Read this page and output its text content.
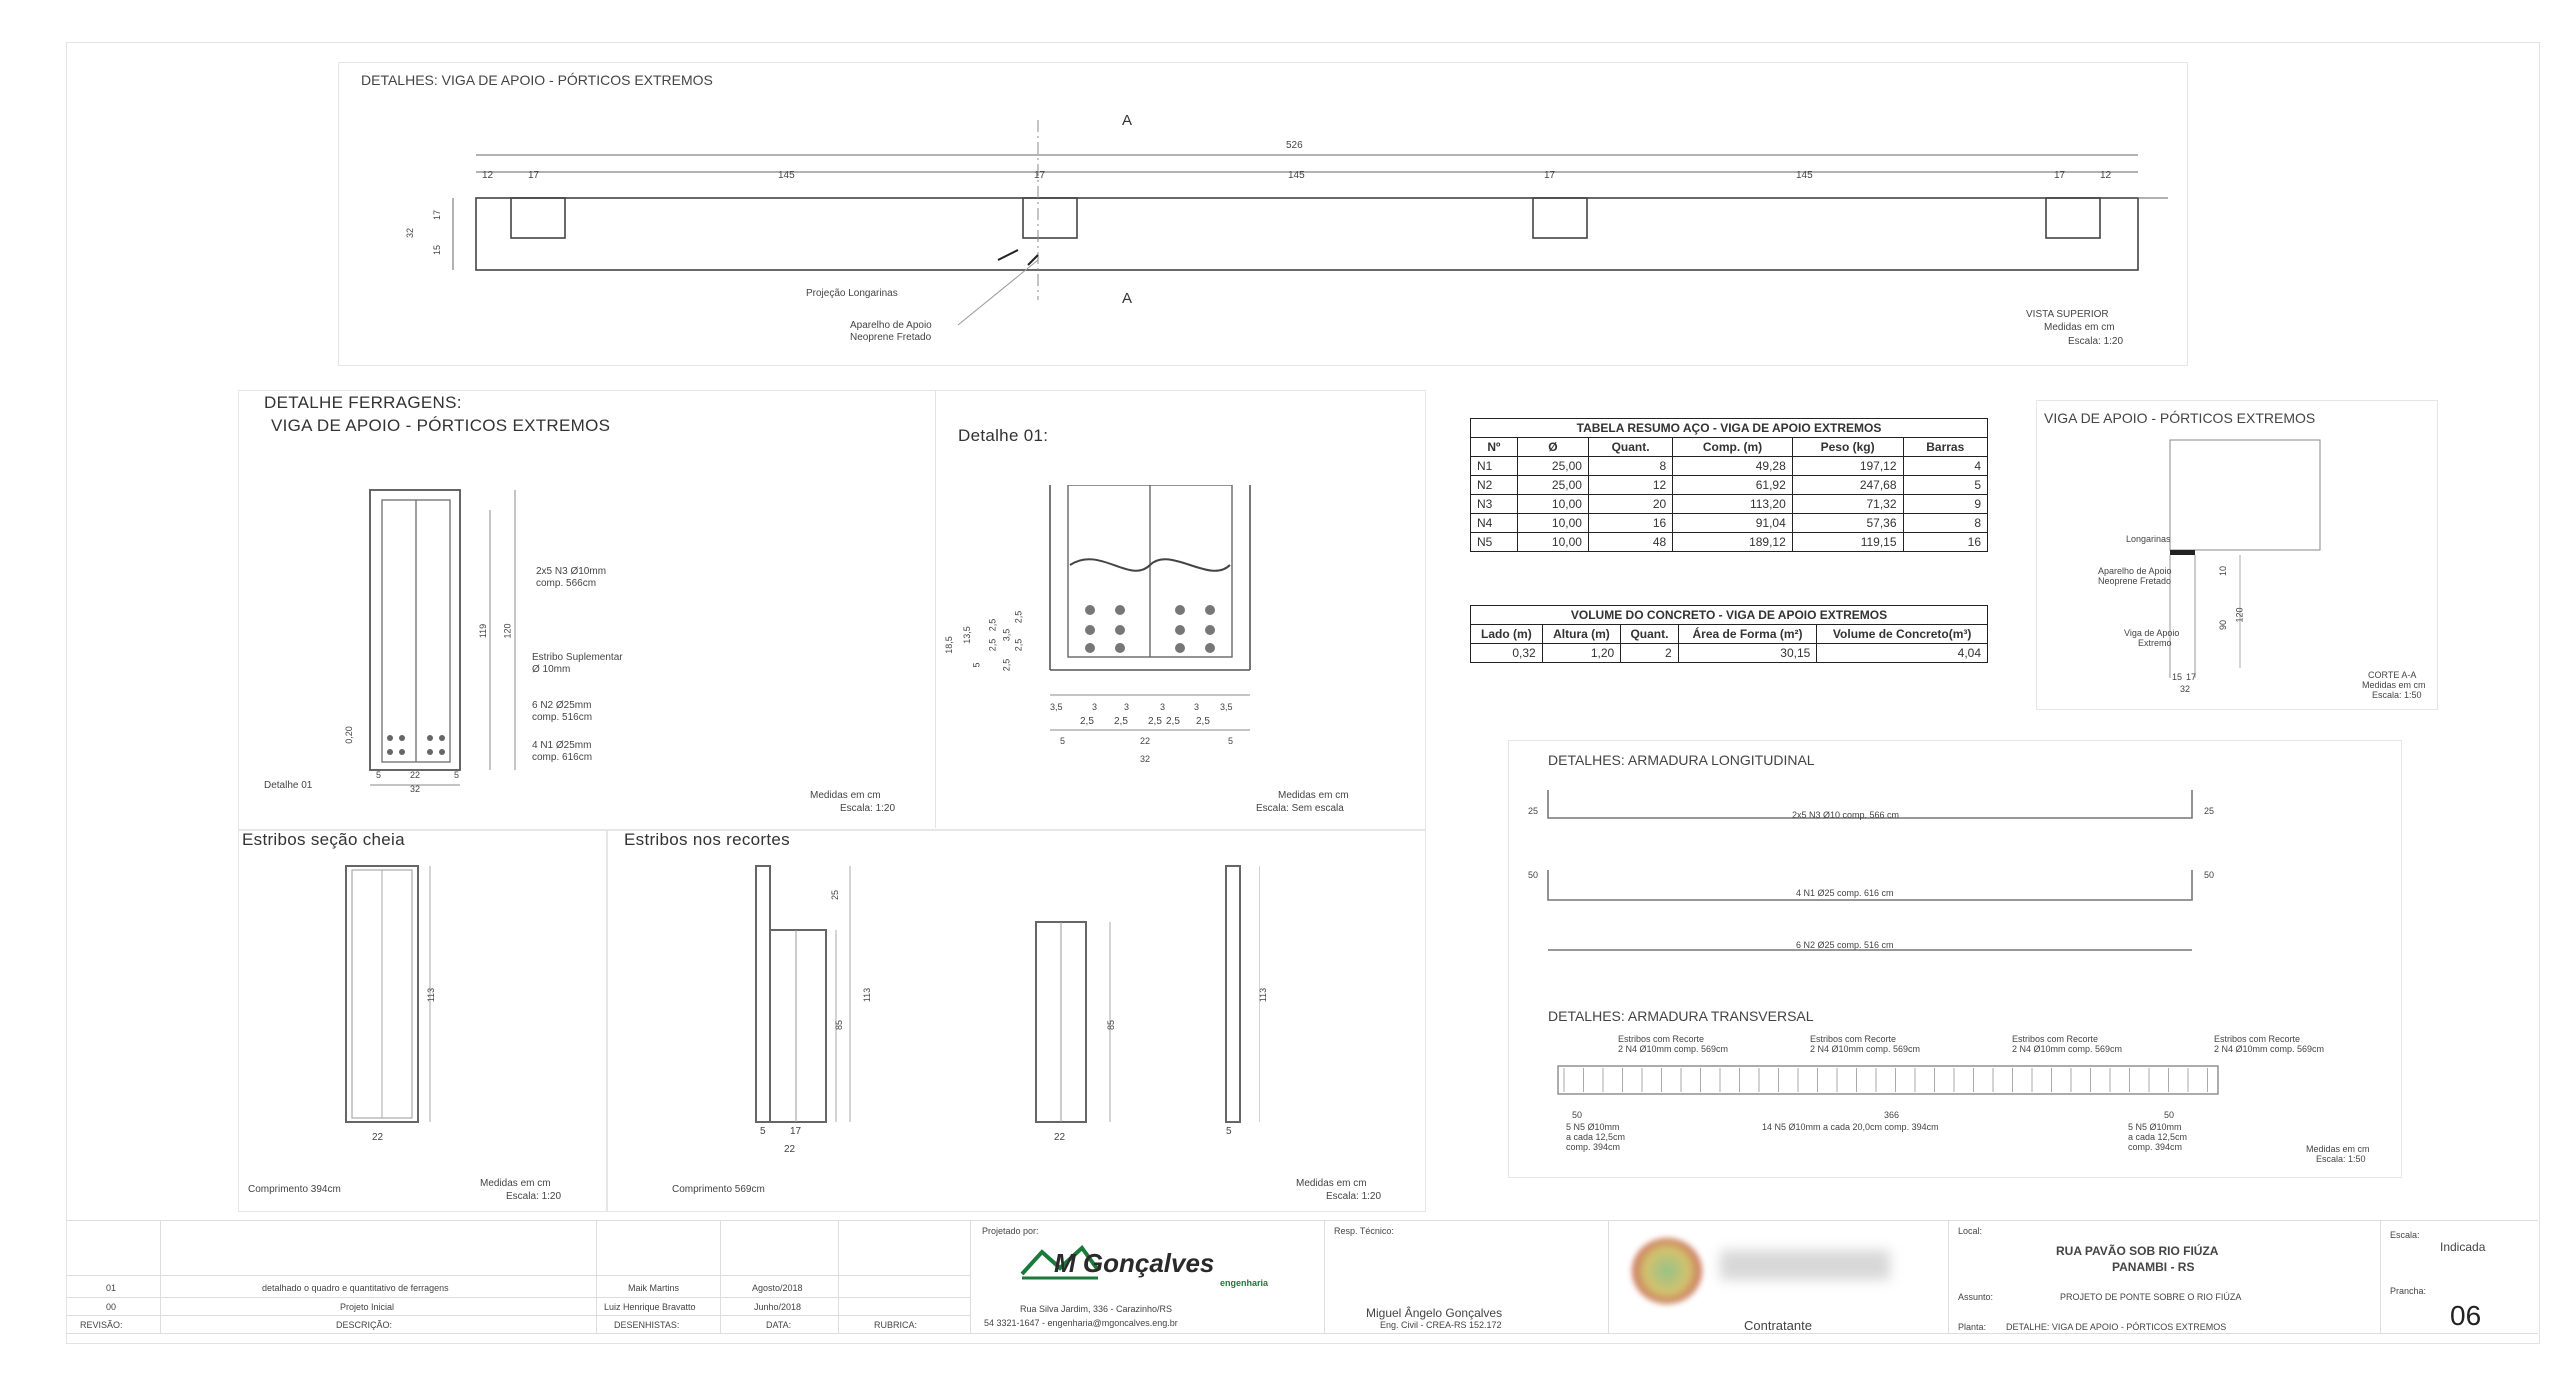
DETALHES: VIGA DE APOIO - PÓRTICOS EXTREMOS
A
A
526
12	17	145	17	145	17	145	17	12
32
17
15
Projeção Longarinas
Aparelho de Apoio
Neoprene Fretado
VISTA SUPERIOR
Medidas em cm
Escala: 1:20
DETALHE FERRAGENS:
VIGA DE APOIO - PÓRTICOS EXTREMOS
2x5 N3 Ø10mm
comp. 566cm
Estribo Suplementar
Ø 10mm
6 N2 Ø25mm
comp. 516cm
4 N1 Ø25mm
comp. 616cm
119 120
0,20
5	22	5
32
Detalhe 01
Medidas em cm
Escala: 1:20
Detalhe 01:
18,5
13,5
5
2,5
2,5
2,5
3,5
2,5
2,5
3,5	3	3	3	3 3,5
2,5 2,5 2,5 2,5 2,5
5	22	5
32
Medidas em cm
Escala: Sem escala
TABELA RESUMO AÇO - VIGA DE APOIO EXTREMOS					
Nº	Ø	Quant.	Comp. (m)	Peso (kg)	Barras
N1	25,00	8	49,28	197,12	4
N2	25,00	12	61,92	247,68	5
N3	10,00	20	113,20	71,32	9
N4	10,00	16	91,04	57,36	8
N5	10,00	48	189,12	119,15	16
VOLUME DO CONCRETO - VIGA DE APOIO EXTREMOS				
Lado (m)	Altura (m)	Quant.	Área de Forma (m²)	Volume de Concreto(m³)
0,32	1,20	2	30,15	4,04
VIGA DE APOIO - PÓRTICOS EXTREMOS
Longarinas
Aparelho de Apoio
Neoprene Fretado
Viga de Apoio
Extremo
15 17
32
10
90
120
CORTE A-A
Medidas em cm
Escala: 1:50
DETALHES: ARMADURA LONGITUDINAL
25	25
50	50
2x5 N3 Ø10 comp. 566 cm
4 N1 Ø25 comp. 616 cm
6 N2 Ø25 comp. 516 cm
DETALHES: ARMADURA TRANSVERSAL
Estribos com Recorte
2 N4 Ø10mm comp. 569cm
Estribos com Recorte
2 N4 Ø10mm comp. 569cm
Estribos com Recorte
2 N4 Ø10mm comp. 569cm
Estribos com Recorte
2 N4 Ø10mm comp. 569cm
50
5 N5 Ø10mm
a cada 12,5cm
comp. 394cm
366
14 N5 Ø10mm a cada 20,0cm comp. 394cm
50
5 N5 Ø10mm
a cada 12,5cm
comp. 394cm	Medidas em cm
Escala: 1:50
Estribos seção cheia
113
22
Comprimento 394cm
Medidas em cm
Escala: 1:20
Estribos nos recortes
25
113
85	85
113
5 17
22
22
5
Comprimento 569cm
Medidas em cm
Escala: 1:20
01	detalhado o quadro e quantitativo de ferragens	Maik Martins	Agosto/2018
00	Projeto Inicial	Luiz Henrique Bravatto	Junho/2018
REVISÃO:	DESCRIÇÃO:	DESENHISTAS:	DATA:	RUBRICA:
Projetado por:
M Gonçalves
engenharia
Rua Silva Jardim, 336 - Carazinho/RS
54 3321-1647 - engenharia@mgoncalves.eng.br
Resp. Técnico:
Miguel Ângelo Gonçalves
Eng. Civil - CREA-RS 152.172	Contratante
Local:
RUA PAVÃO SOB RIO FIÚZA
PANAMBI - RS
Assunto:	PROJETO DE PONTE SOBRE O RIO FIÚZA
Planta: DETALHE: VIGA DE APOIO - PÓRTICOS EXTREMOS
Escala:
Indicada
Prancha:
06
